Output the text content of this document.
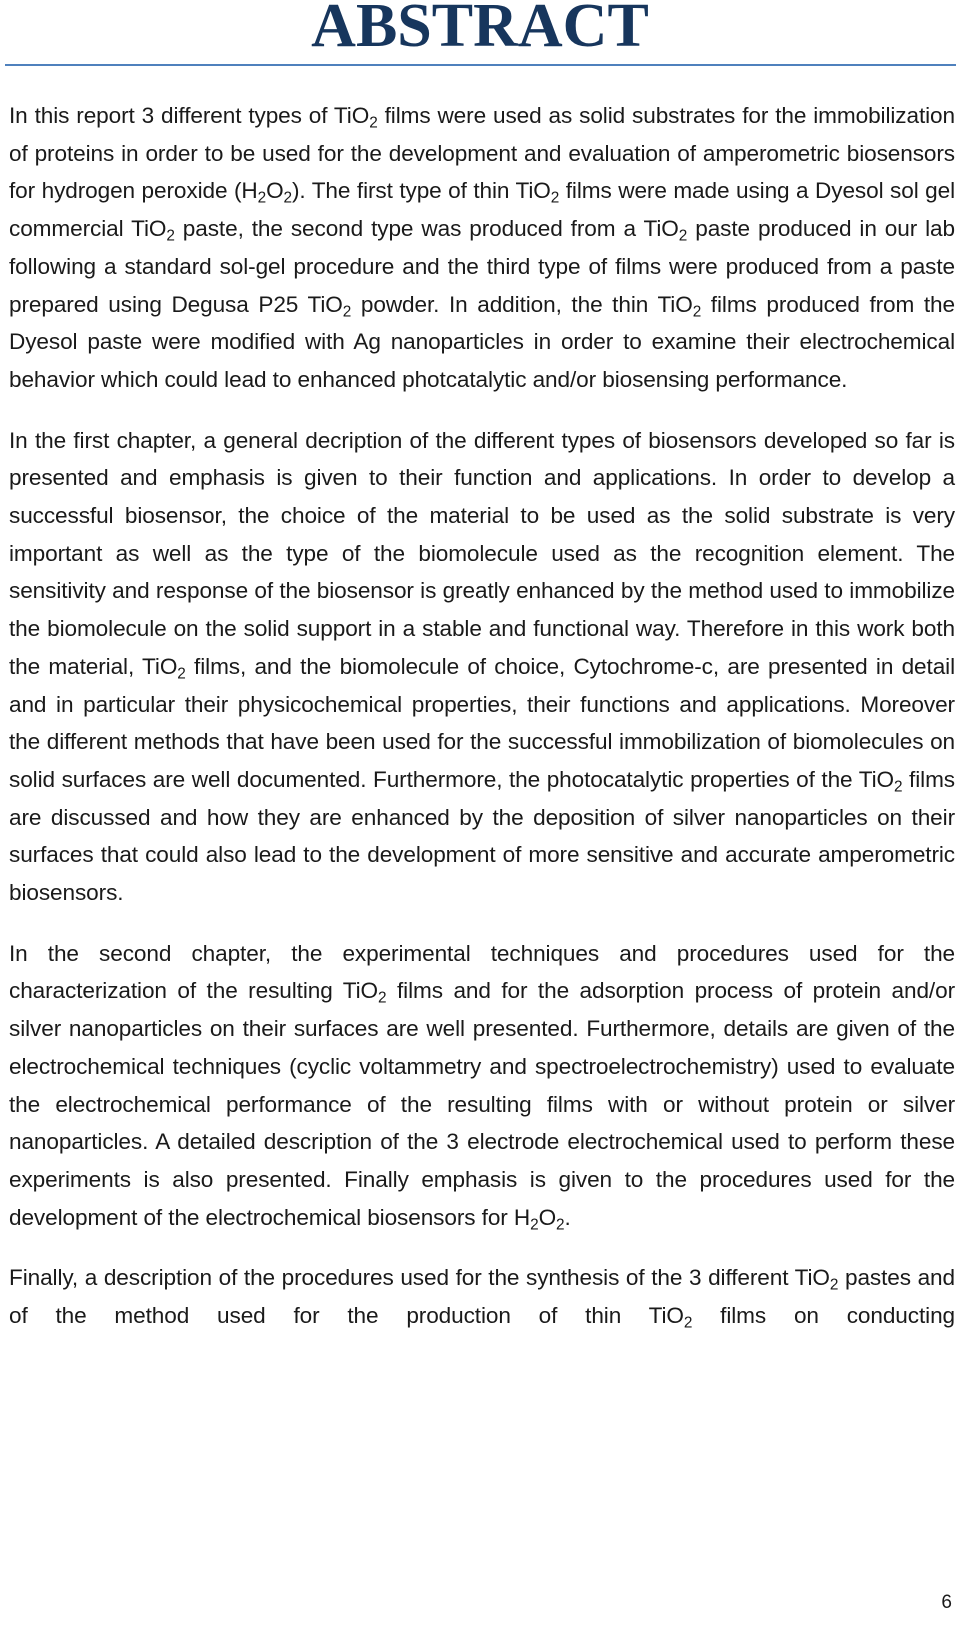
ABSTRACT

In this report 3 different types of TiO$_2$ films were used as solid substrates for the immobilization of proteins in order to be used for the development and evaluation of amperometric biosensors for hydrogen peroxide $(H_2O_2)$. The first type of thin TiO$_2$ films were made using a Dyesol sol gel commercial TiO$_2$ paste, the second type was produced from a TiO$_2$ paste produced in our lab following a standard sol-gel procedure and the third type of films were produced from a paste prepared using Degusa P25 TiO$_2$ powder. In addition, the thin TiO$_2$ films produced from the Dyesol paste were modified with Ag nanoparticles in order to examine their electrochemical behavior which could lead to enhanced photcatalytic and/or biosensing performance.

In the first chapter, a general decription of the different types of biosensors developed so far is presented and emphasis is given to their function and applications. In order to develop a successful biosensor, the choice of the material to be used as the solid substrate is very important as well as the type of the biomolecule used as the recognition element. The sensitivity and response of the biosensor is greatly enhanced by the method used to immobilize the biomolecule on the solid support in a stable and functional way. Therefore in this work both the material, TiO$_2$ films, and the biomolecule of choice, Cytochrome-c, are presented in detail and in particular their physicochemical properties, their functions and applications. Moreover the different methods that have been used for the successful immobilization of biomolecules on solid surfaces are well documented. Furthermore, the photocatalytic properties of the TiO$_2$ films are discussed and how they are enhanced by the deposition of silver nanoparticles on their surfaces that could also lead to the development of more sensitive and accurate amperometric biosensors.

In the second chapter, the experimental techniques and procedures used for the characterization of the resulting TiO$_2$ films and for the adsorption process of protein and/or silver nanoparticles on their surfaces are well presented. Furthermore, details are given of the electrochemical techniques (cyclic voltammetry and spectroelectrochemistry) used to evaluate the electrochemical performance of the resulting films with or without protein or silver nanoparticles. A detailed description of the 3 electrode electrochemical used to perform these experiments is also presented. Finally emphasis is given to the procedures used for the development of the electrochemical biosensors for $H_2O_2$.

Finally, a description of the procedures used for the synthesis of the 3 different TiO$_2$ pastes and of the method used for the production of thin TiO$_2$ films on conducting

6
